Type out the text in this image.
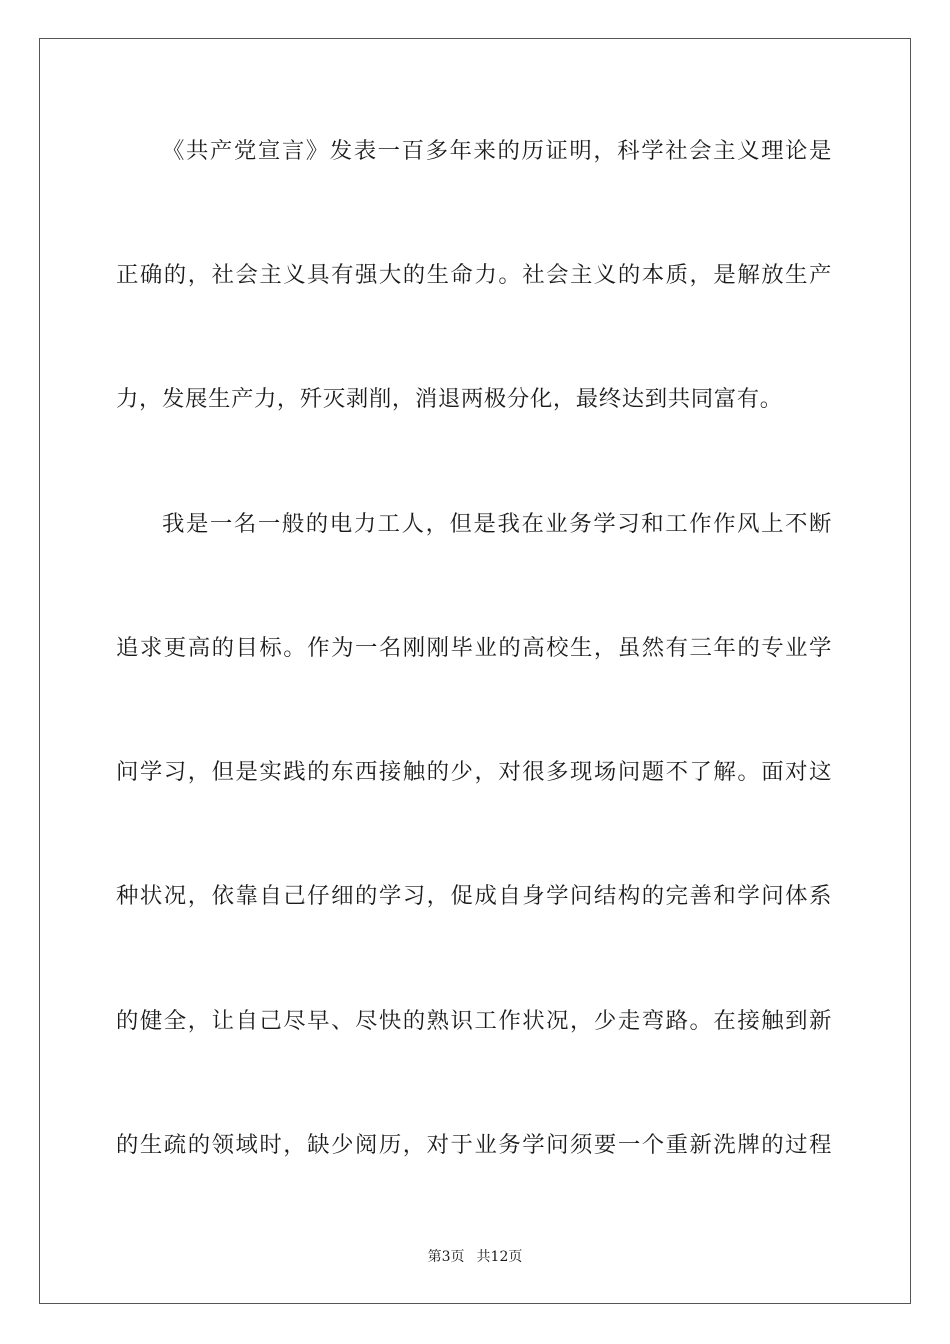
《共产党宣言》发表一百多年来的历证明，科学社会主义理论是
正确的，社会主义具有强大的生命力。社会主义的本质，是解放生产
力，发展生产力，歼灭剥削，消退两极分化，最终达到共同富有。
我是一名一般的电力工人，但是我在业务学习和工作作风上不断
追求更高的目标。作为一名刚刚毕业的高校生，虽然有三年的专业学
问学习，但是实践的东西接触的少，对很多现场问题不了解。面对这
种状况，依靠自己仔细的学习，促成自身学问结构的完善和学问体系
的健全，让自己尽早、尽快的熟识工作状况，少走弯路。在接触到新
的生疏的领域时，缺少阅历，对于业务学问须要一个重新洗牌的过程
第3页 共12页
